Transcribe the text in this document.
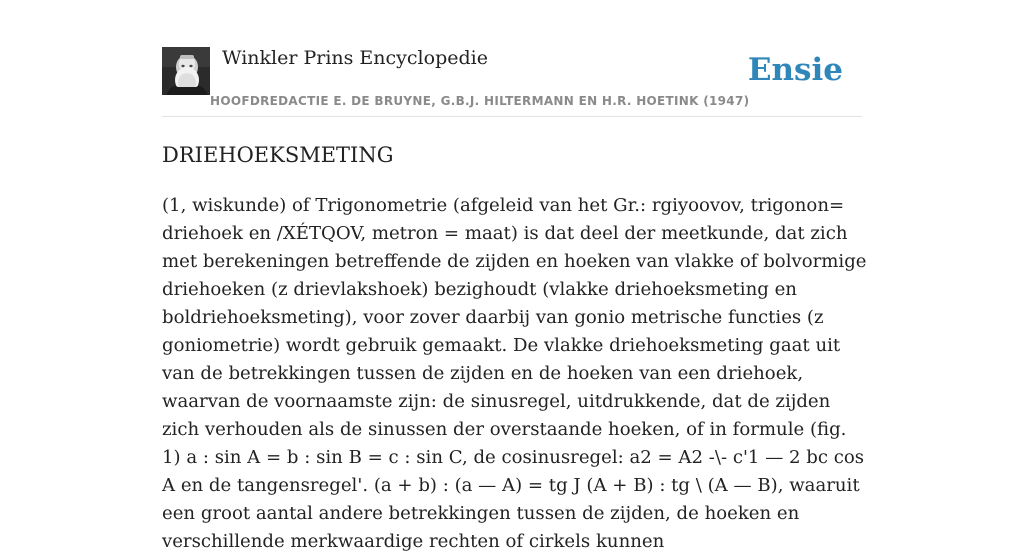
Winkler Prins Encyclopedie
HOOFDREDACTIE E. DE BRUYNE, G.B.J. HILTERMANN EN H.R. HOETINK (1947)
Ensie
DRIEHOEKSMETING

(1, wiskunde) of Trigonometrie (afgeleid van het Gr.: rgiyoovov, trigonon= driehoek en /XÉTQOV, metron = maat) is dat deel der meetkunde, dat zich met berekeningen betreffende de zijden en hoeken van vlakke of bolvormige driehoeken (z drievlakshoek) bezighoudt (vlakke driehoeksmeting en boldriehoeksmeting), voor zover daarbij van gonio metrische functies (z goniometrie) wordt gebruik gemaakt. De vlakke driehoeksmeting gaat uit van de betrekkingen tussen de zijden en de hoeken van een driehoek, waarvan de voornaamste zijn: de sinusregel, uitdrukkende, dat de zijden zich verhouden als de sinussen der overstaande hoeken, of in formule (fig. 1) a : sin A = b : sin B = c : sin C, de cosinusregel: a2 = A2 -\- c'1 — 2 bc cos A en de tangensregel'. (a + b) : (a — A) = tg J (A + B) : tg \ (A — B), waaruit een groot aantal andere betrekkingen tussen de zijden, de hoeken en verschillende merkwaardige rechten of cirkels kunnen
